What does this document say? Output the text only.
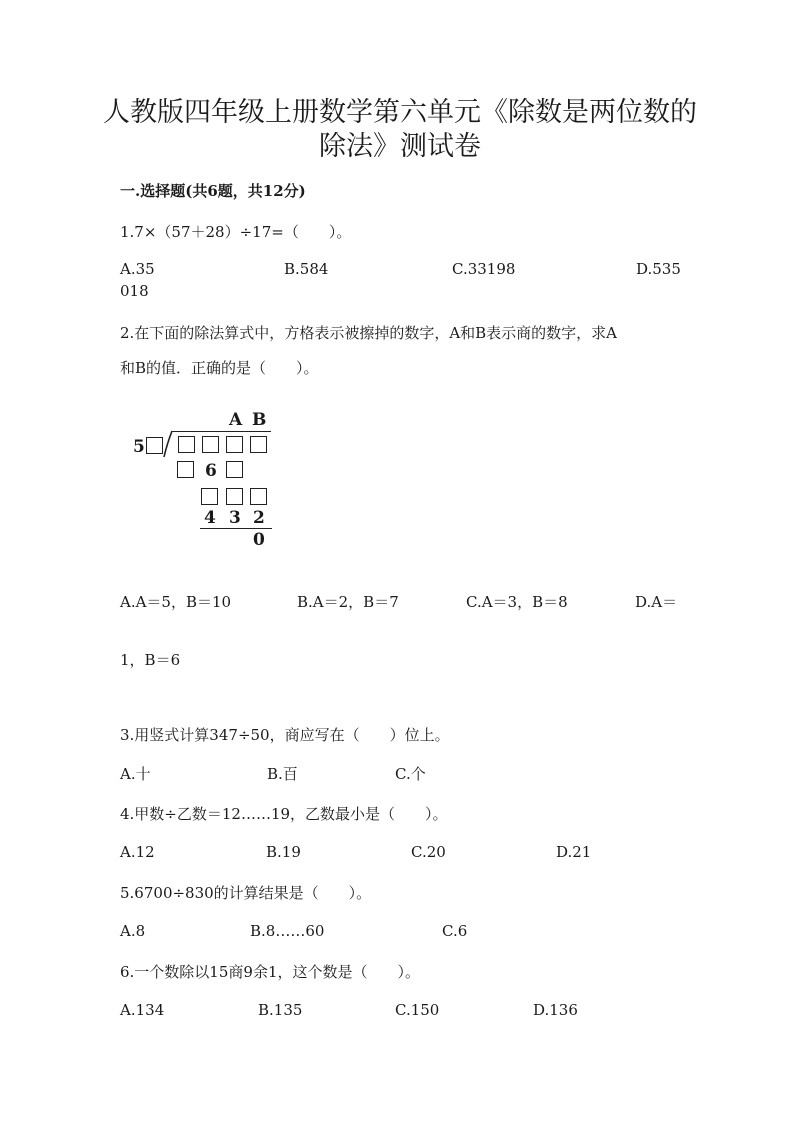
人教版四年级上册数学第六单元《除数是两位数的
除法》测试卷
一.选择题(共6题，共12分)
1.7×（57＋28）÷17=（　　）。
A.35	B.584	C.33198	D.535
018
2.在下面的除法算式中，方格表示被擦掉的数字，A和B表示商的数字，求A
和B的值．正确的是（　　）。
A B
5
6
4 3 2
0
A.A＝5，B＝10	B.A＝2，B＝7	C.A＝3，B＝8	D.A＝
1，B＝6
3.用竖式计算347÷50，商应写在（　　）位上。
A.十	B.百	C.个
4.甲数÷乙数＝12……19，乙数最小是（　　）。
A.12	B.19	C.20	D.21
5.6700÷830的计算结果是（　　）。
A.8	B.8……60	C.6
6.一个数除以15商9余1，这个数是（　　）。
A.134	B.135	C.150	D.136
